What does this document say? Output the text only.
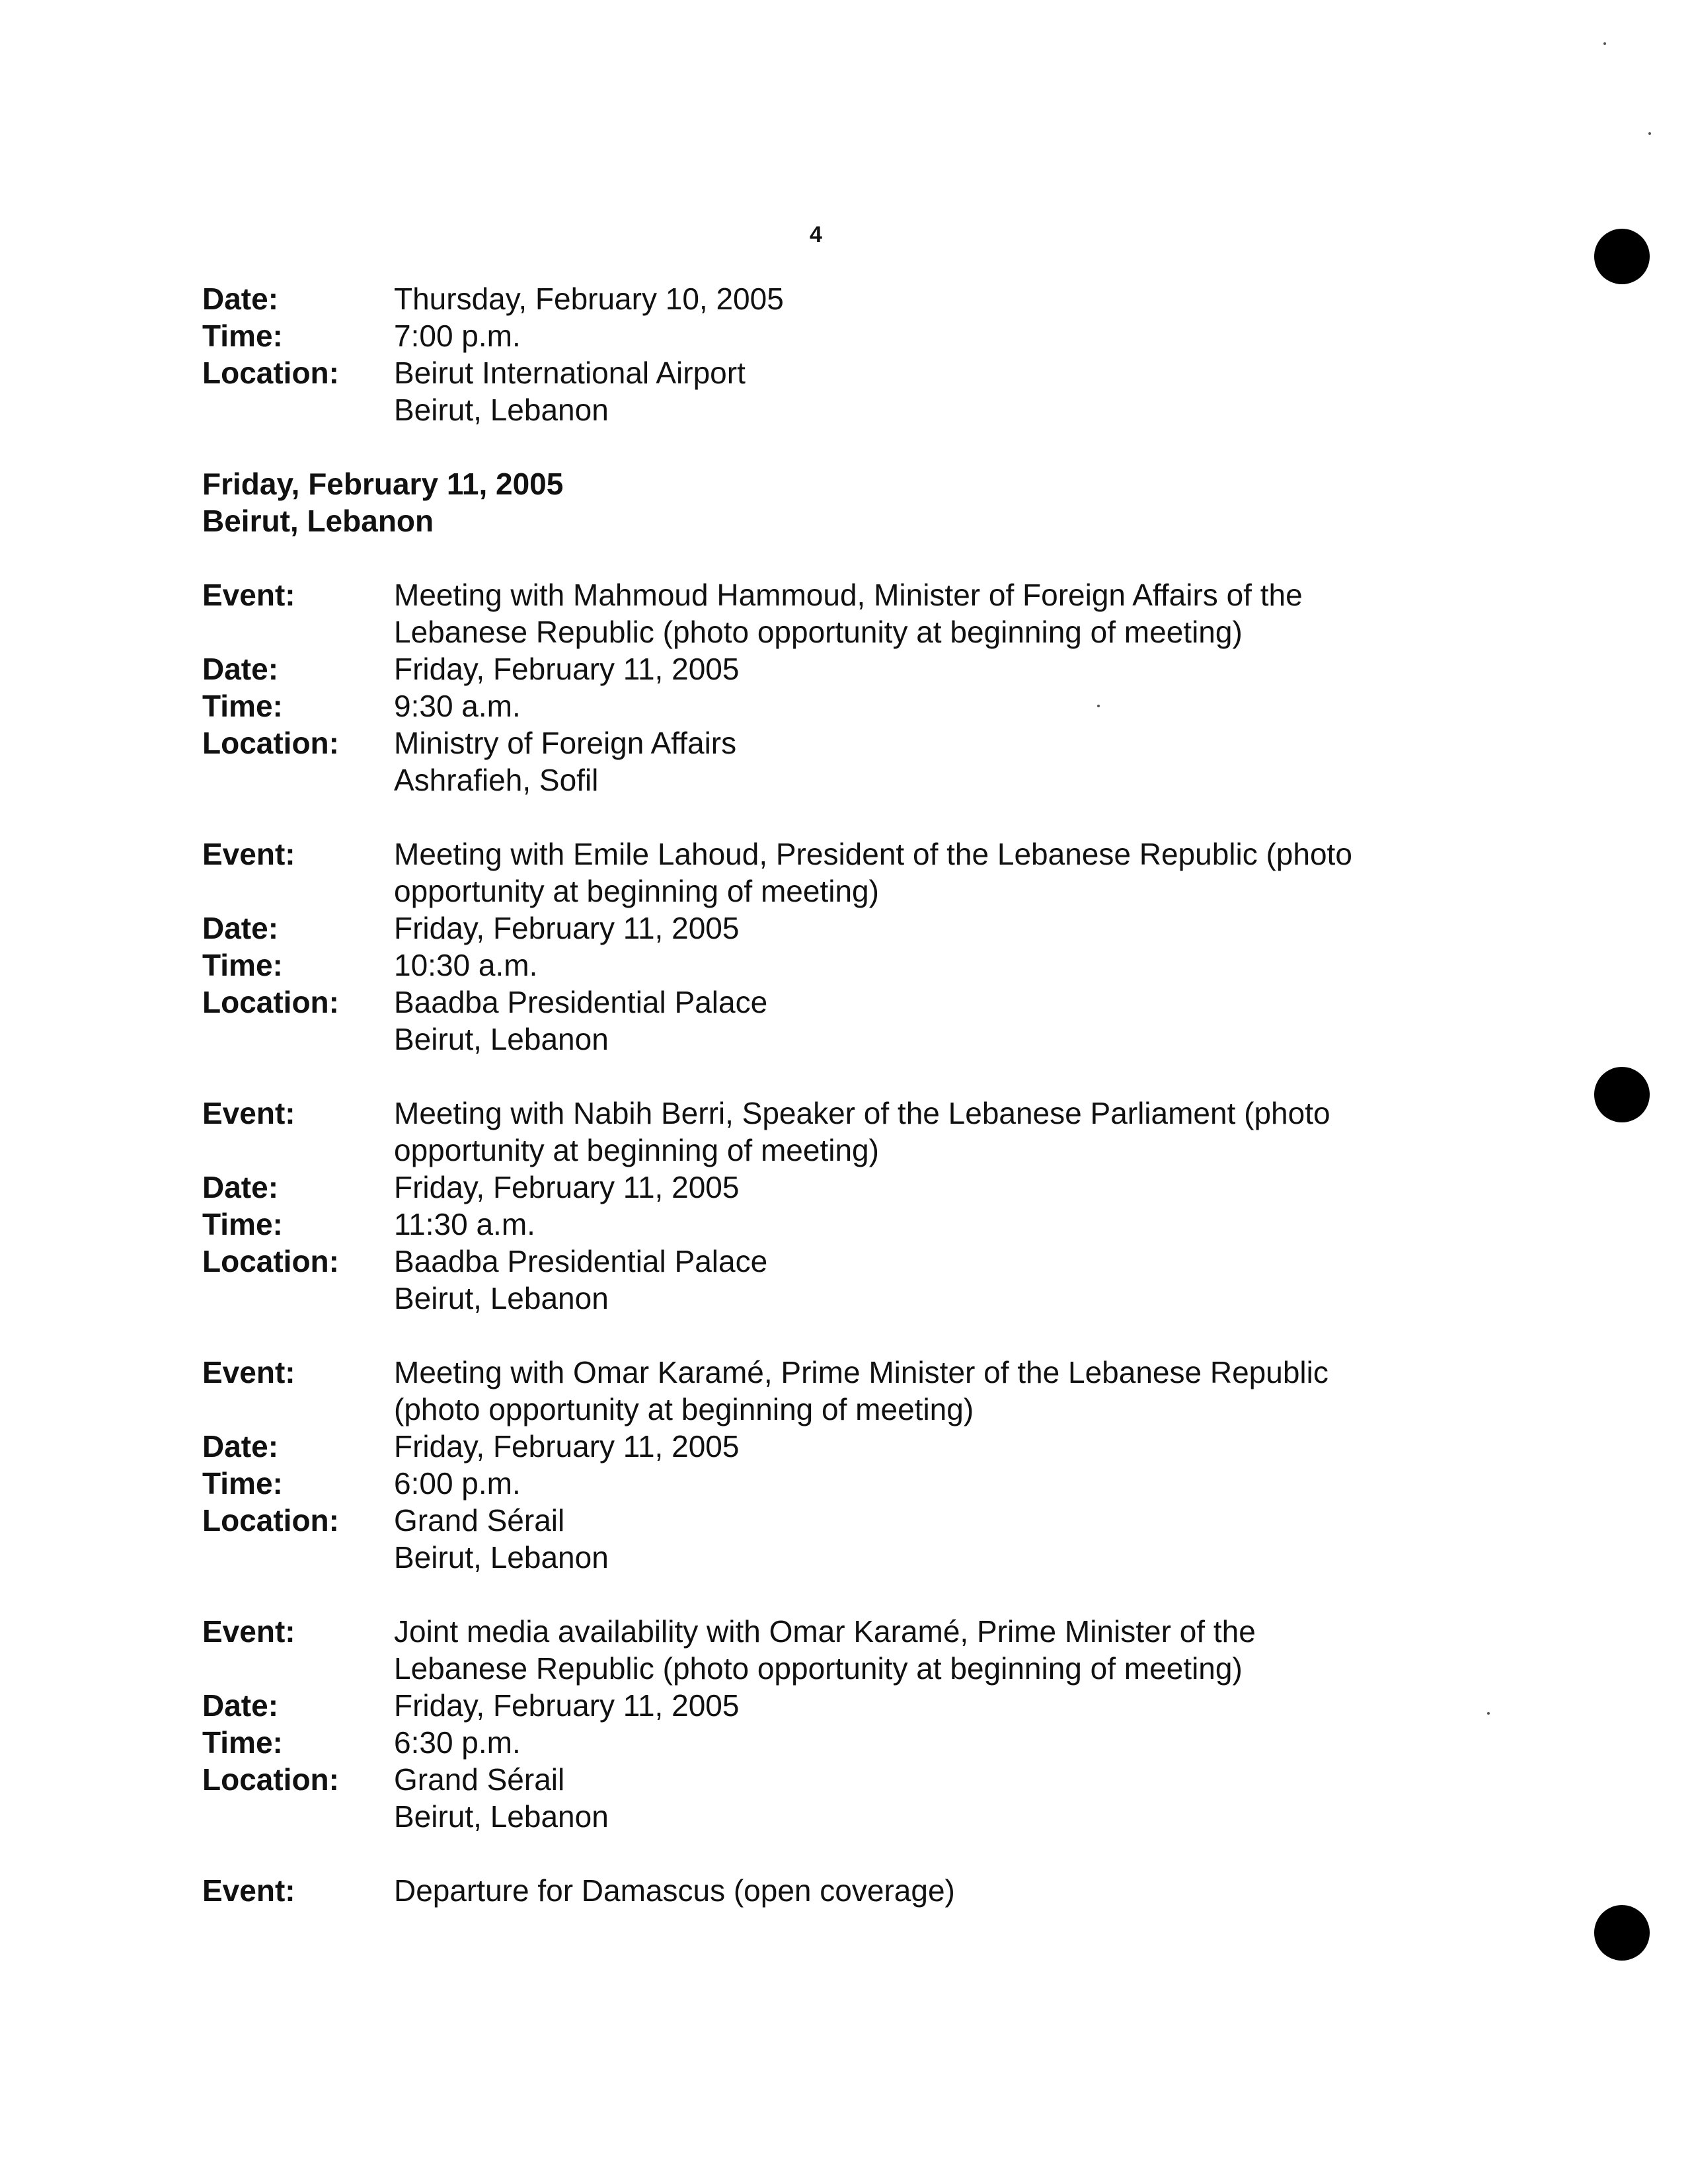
4
Date:	Thursday, February 10, 2005
Time:	7:00 p.m.
Location:	Beirut International Airport
Beirut, Lebanon
Friday, February 11, 2005
Beirut, Lebanon
Event:	Meeting with Mahmoud Hammoud, Minister of Foreign Affairs of the
Lebanese Republic (photo opportunity at beginning of meeting)
Date:	Friday, February 11, 2005
Time:	9:30 a.m.
Location:	Ministry of Foreign Affairs
Ashrafieh, Sofil
Event:	Meeting with Emile Lahoud, President of the Lebanese Republic (photo
opportunity at beginning of meeting)
Date:	Friday, February 11, 2005
Time:	10:30 a.m.
Location:	Baadba Presidential Palace
Beirut, Lebanon
Event:	Meeting with Nabih Berri, Speaker of the Lebanese Parliament (photo
opportunity at beginning of meeting)
Date:	Friday, February 11, 2005
Time:	11:30 a.m.
Location:	Baadba Presidential Palace
Beirut, Lebanon
Event:	Meeting with Omar Karamé, Prime Minister of the Lebanese Republic
(photo opportunity at beginning of meeting)
Date:	Friday, February 11, 2005
Time:	6:00 p.m.
Location:	Grand Sérail
Beirut, Lebanon
Event:	Joint media availability with Omar Karamé, Prime Minister of the
Lebanese Republic (photo opportunity at beginning of meeting)
Date:	Friday, February 11, 2005
Time:	6:30 p.m.
Location:	Grand Sérail
Beirut, Lebanon
Event:	Departure for Damascus (open coverage)
